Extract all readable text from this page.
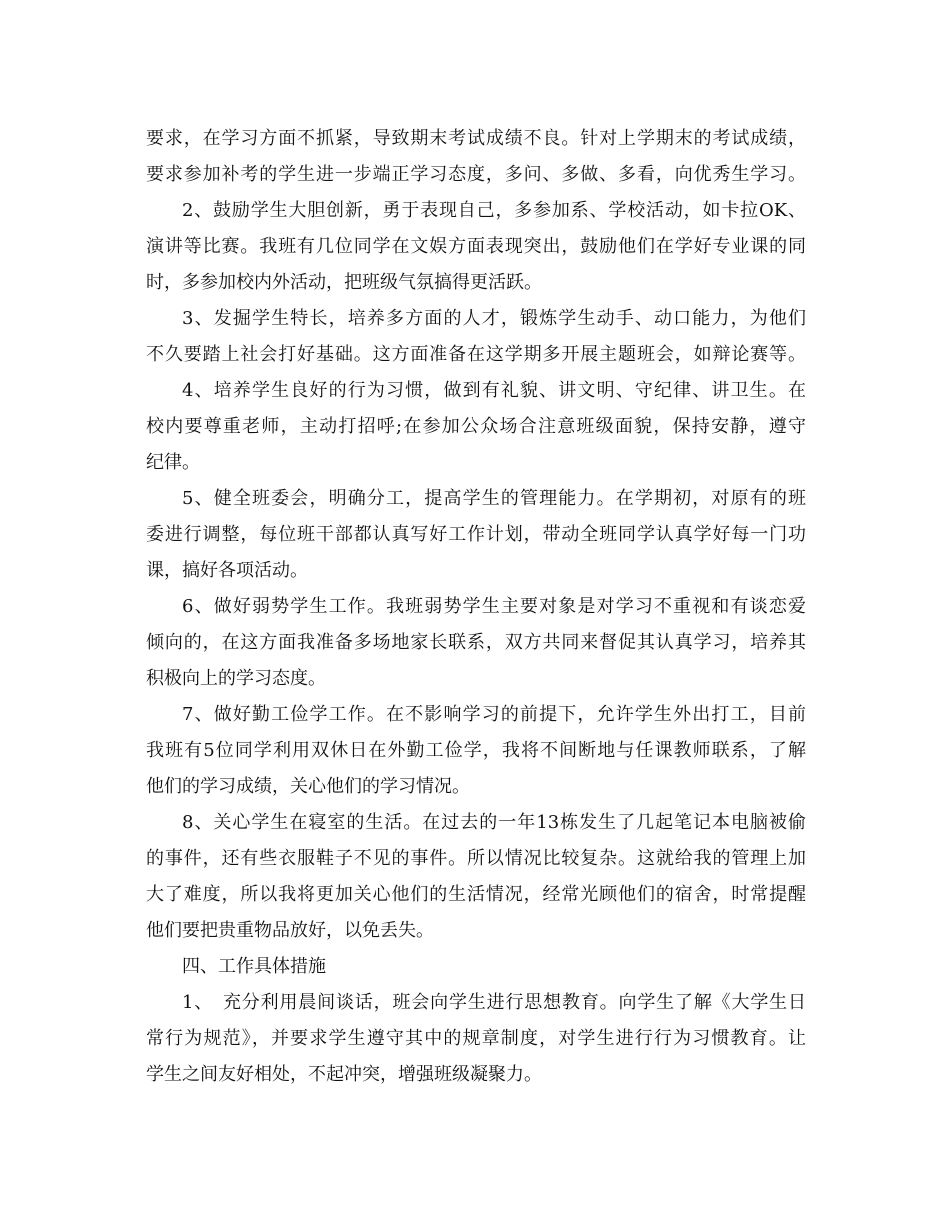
要求，在学习方面不抓紧，导致期末考试成绩不良。针对上学期末的考试成绩，
要求参加补考的学生进一步端正学习态度，多问、多做、多看，向优秀生学习。
2、鼓励学生大胆创新，勇于表现自己，多参加系、学校活动，如卡拉OK、
演讲等比赛。我班有几位同学在文娱方面表现突出，鼓励他们在学好专业课的同
时，多参加校内外活动，把班级气氛搞得更活跃。
3、发掘学生特长，培养多方面的人才，锻炼学生动手、动口能力，为他们
不久要踏上社会打好基础。这方面准备在这学期多开展主题班会，如辩论赛等。
4、培养学生良好的行为习惯，做到有礼貌、讲文明、守纪律、讲卫生。在
校内要尊重老师，主动打招呼;在参加公众场合注意班级面貌，保持安静，遵守
纪律。
5、健全班委会，明确分工，提高学生的管理能力。在学期初，对原有的班
委进行调整，每位班干部都认真写好工作计划，带动全班同学认真学好每一门功
课，搞好各项活动。
6、做好弱势学生工作。我班弱势学生主要对象是对学习不重视和有谈恋爱
倾向的，在这方面我准备多场地家长联系，双方共同来督促其认真学习，培养其
积极向上的学习态度。
7、做好勤工俭学工作。在不影响学习的前提下，允许学生外出打工，目前
我班有5位同学利用双休日在外勤工俭学，我将不间断地与任课教师联系，了解
他们的学习成绩，关心他们的学习情况。
8、关心学生在寝室的生活。在过去的一年13栋发生了几起笔记本电脑被偷
的事件，还有些衣服鞋子不见的事件。所以情况比较复杂。这就给我的管理上加
大了难度，所以我将更加关心他们的生活情况，经常光顾他们的宿舍，时常提醒
他们要把贵重物品放好，以免丢失。
四、工作具体措施
1、　充分利用晨间谈话，班会向学生进行思想教育。向学生了解《大学生日
常行为规范》，并要求学生遵守其中的规章制度，对学生进行行为习惯教育。让
学生之间友好相处，不起冲突，增强班级凝聚力。
